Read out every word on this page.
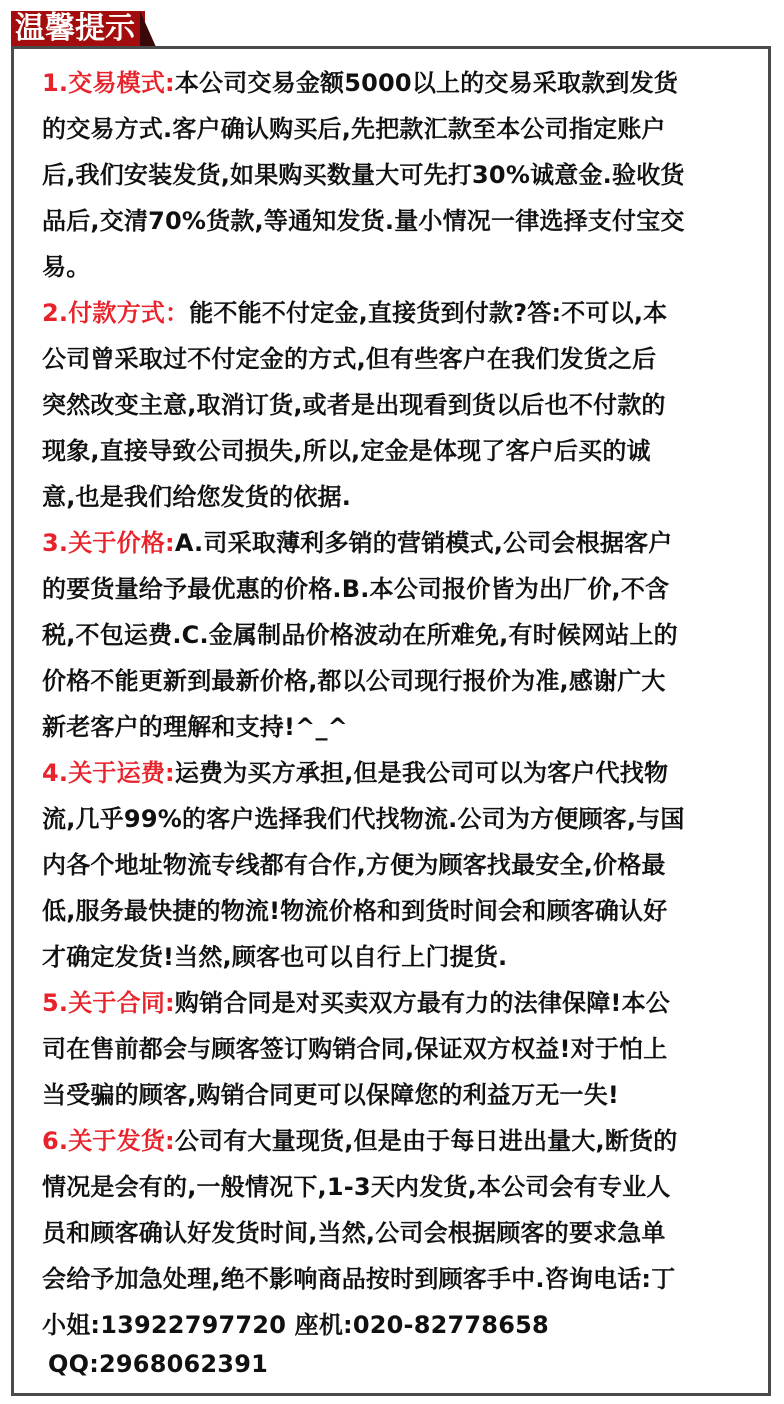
温馨提示
1.交易模式:本公司交易金额5000以上的交易采取款到发货
的交易方式.客户确认购买后,先把款汇款至本公司指定账户
后,我们安装发货,如果购买数量大可先打30%诚意金.验收货
品后,交清70%货款,等通知发货.量小情况一律选择支付宝交
易。
2.付款方式：能不能不付定金,直接货到付款?答:不可以,本
公司曾采取过不付定金的方式,但有些客户在我们发货之后
突然改变主意,取消订货,或者是出现看到货以后也不付款的
现象,直接导致公司损失,所以,定金是体现了客户后买的诚
意,也是我们给您发货的依据.
3.关于价格:A.司采取薄利多销的营销模式,公司会根据客户
的要货量给予最优惠的价格.B.本公司报价皆为出厂价,不含
税,不包运费.C.金属制品价格波动在所难免,有时候网站上的
价格不能更新到最新价格,都以公司现行报价为准,感谢广大
新老客户的理解和支持!^_^
4.关于运费:运费为买方承担,但是我公司可以为客户代找物
流,几乎99%的客户选择我们代找物流.公司为方便顾客,与国
内各个地址物流专线都有合作,方便为顾客找最安全,价格最
低,服务最快捷的物流!物流价格和到货时间会和顾客确认好
才确定发货!当然,顾客也可以自行上门提货.
5.关于合同:购销合同是对买卖双方最有力的法律保障!本公
司在售前都会与顾客签订购销合同,保证双方权益!对于怕上
当受骗的顾客,购销合同更可以保障您的利益万无一失!
6.关于发货:公司有大量现货,但是由于每日进出量大,断货的
情况是会有的,一般情况下,1-3天内发货,本公司会有专业人
员和顾客确认好发货时间,当然,公司会根据顾客的要求急单
会给予加急处理,绝不影响商品按时到顾客手中.咨询电话:丁
小姐:13922797720 座机:020-82778658
QQ:2968062391
